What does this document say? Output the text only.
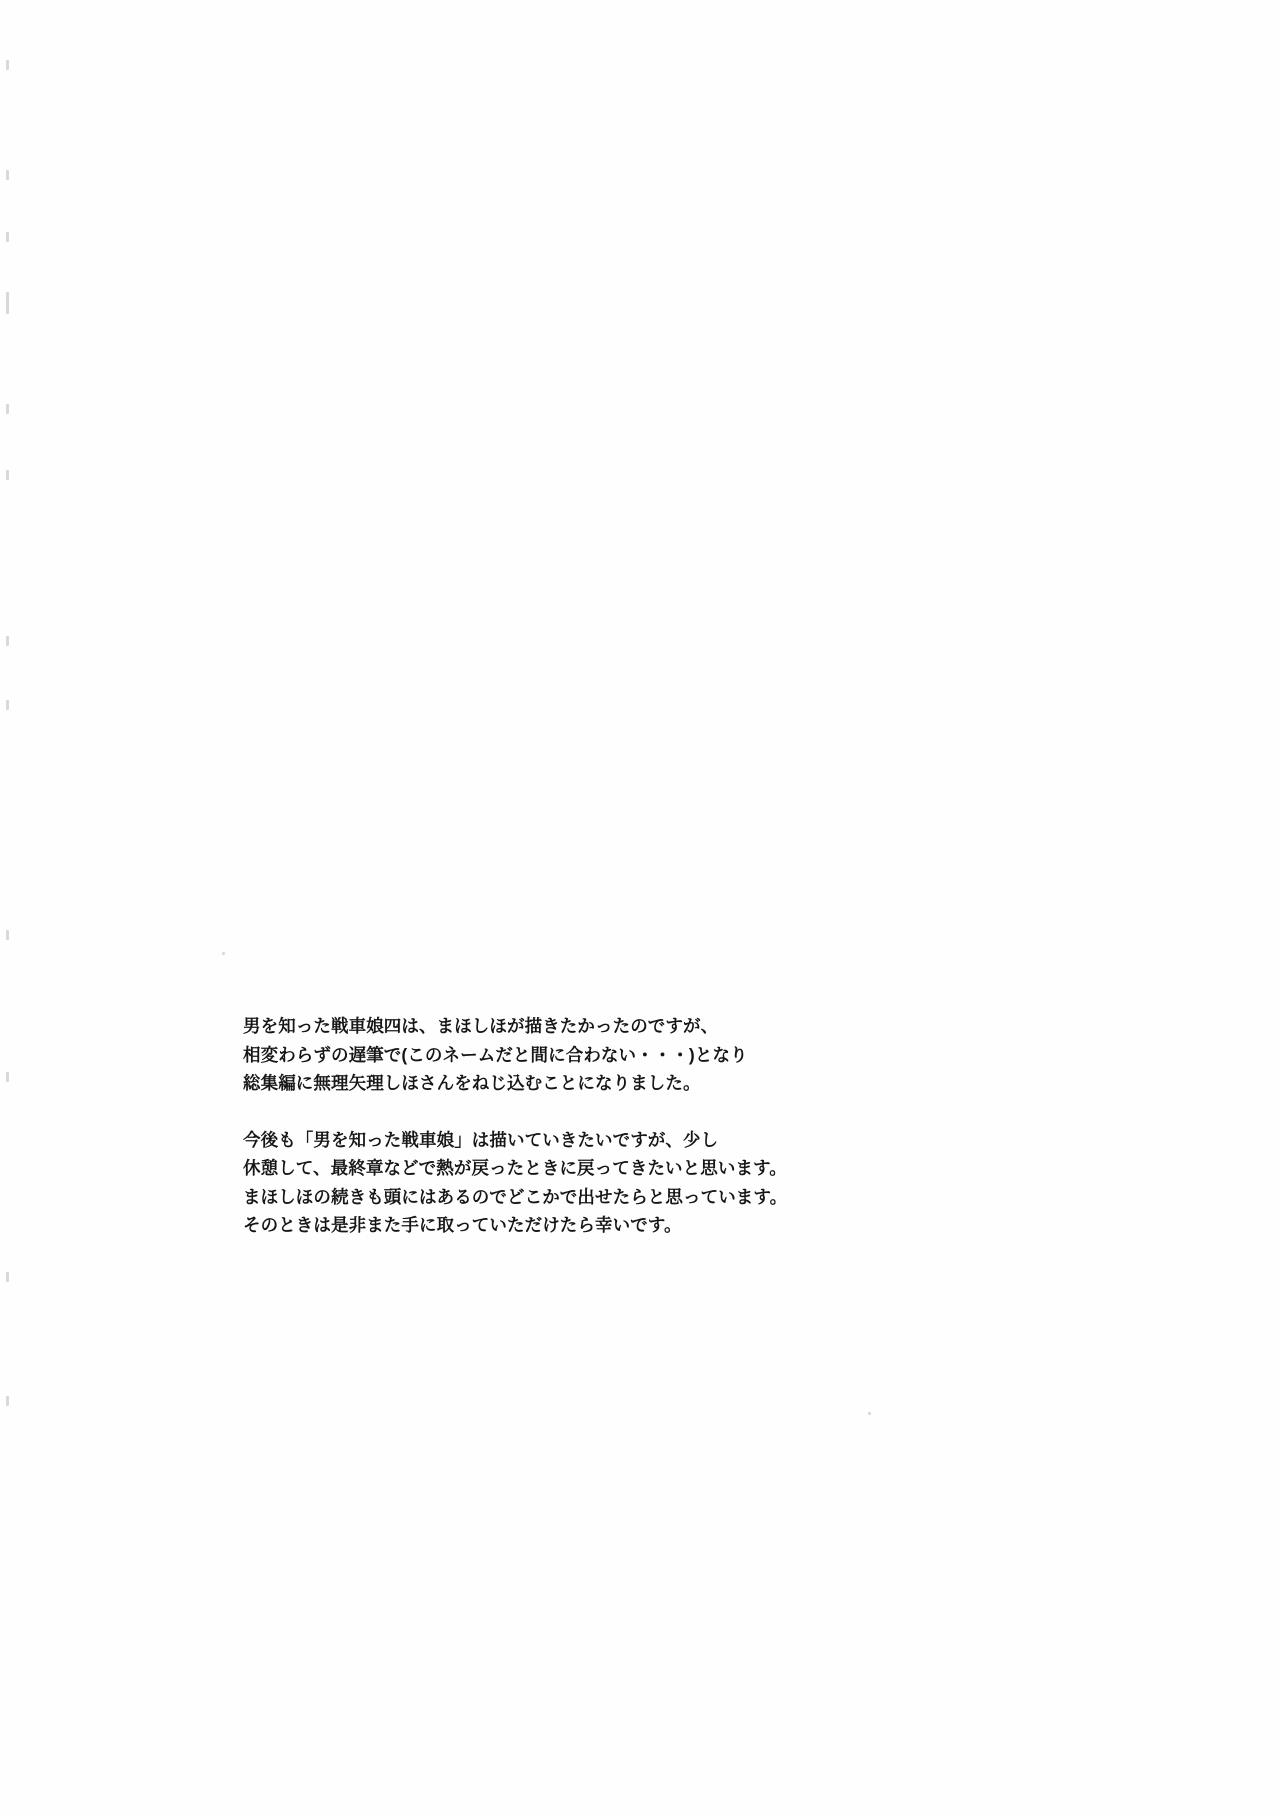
男を知った戦車娘四は、まほしほが描きたかったのですが、

相変わらずの遅筆で(このネームだと間に合わない・・・)となり

総集編に無理矢理しほさんをねじ込むことになりました。

今後も「男を知った戦車娘」は描いていきたいですが、少し

休憩して、最終章などで熱が戻ったときに戻ってきたいと思います。

まほしほの続きも頭にはあるのでどこかで出せたらと思っています。

そのときは是非また手に取っていただけたら幸いです。
